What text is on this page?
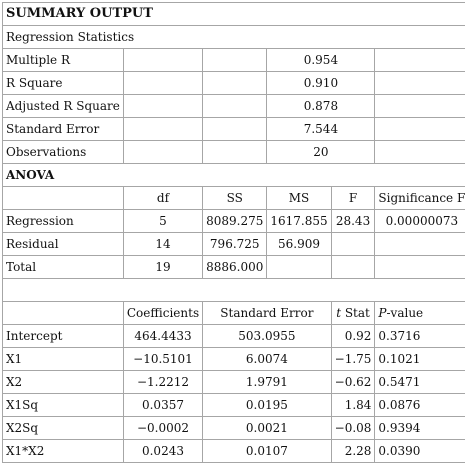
SUMMARY OUTPUT					
Regression Statistics					
Multiple R			0.954		
R Square			0.910		
Adjusted R Square			0.878		
Standard Error			7.544		
Observations			20		
ANOVA					
	df	SS	MS	F	Significance F
Regression	5	8089.275	1617.855	28.43	0.00000073
Residual	14	796.725	56.909		
Total	19	8886.000			

	Coefficients	Standard Error		t Stat	P-value
Intercept	464.4433	503.0955		0.92	0.3716
X1	−10.5101	6.0074		−1.75	0.1021
X2	−1.2212	1.9791		−0.62	0.5471
X1Sq	0.0357	0.0195		1.84	0.0876
X2Sq	−0.0002	0.0021		−0.08	0.9394
X1*X2	0.0243	0.0107		2.28	0.0390
